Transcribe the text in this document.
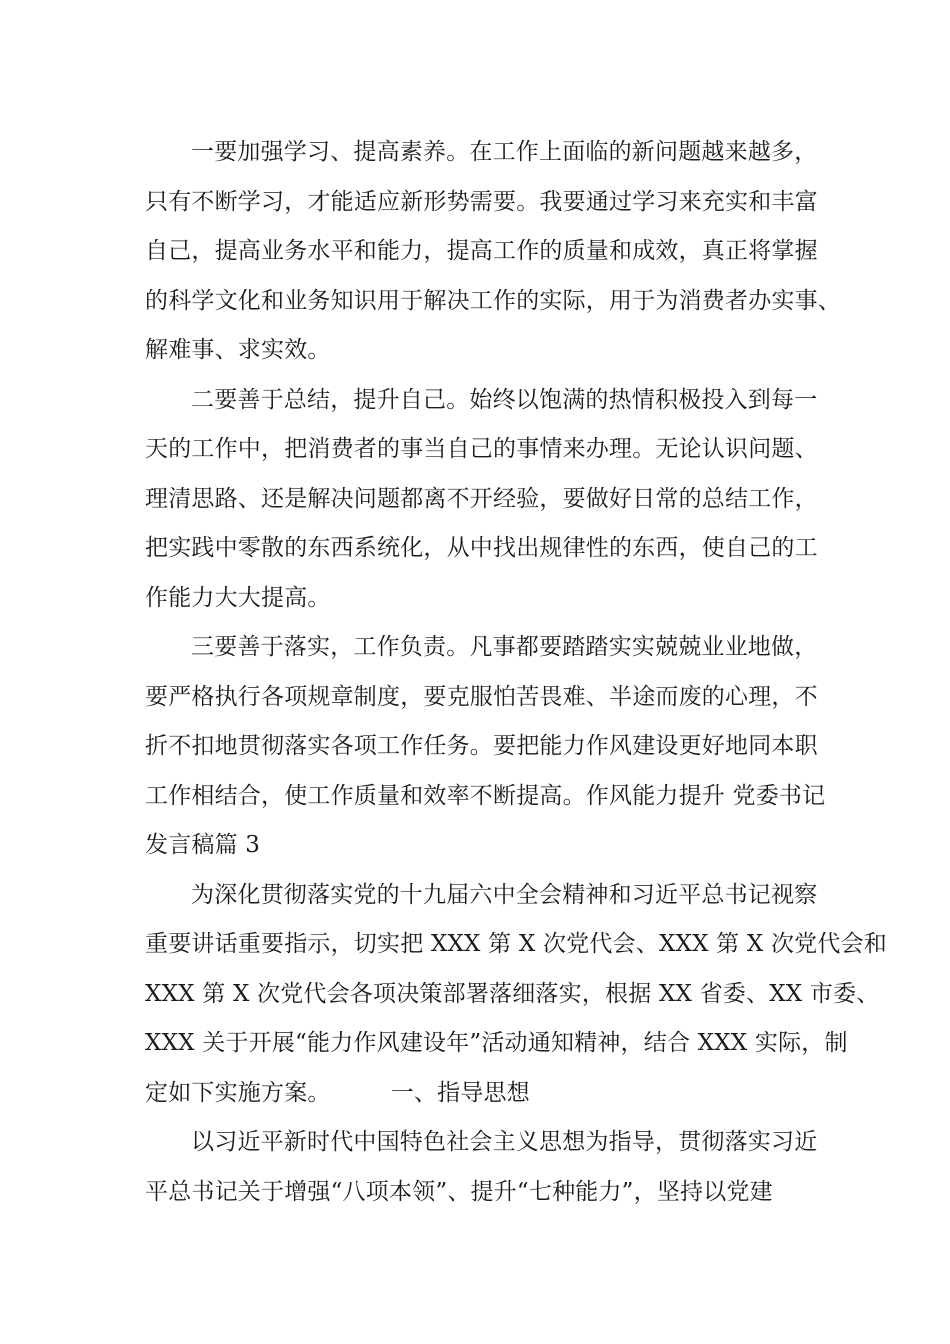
一要加强学习、提高素养。在工作上面临的新问题越来越多，
只有不断学习，才能适应新形势需要。我要通过学习来充实和丰富
自己，提高业务水平和能力，提高工作的质量和成效，真正将掌握
的科学文化和业务知识用于解决工作的实际，用于为消费者办实事、
解难事、求实效。
二要善于总结，提升自己。始终以饱满的热情积极投入到每一
天的工作中，把消费者的事当自己的事情来办理。无论认识问题、
理清思路、还是解决问题都离不开经验，要做好日常的总结工作，
把实践中零散的东西系统化，从中找出规律性的东西，使自己的工
作能力大大提高。
三要善于落实，工作负责。凡事都要踏踏实实兢兢业业地做，
要严格执行各项规章制度，要克服怕苦畏难、半途而废的心理，不
折不扣地贯彻落实各项工作任务。要把能力作风建设更好地同本职
工作相结合，使工作质量和效率不断提高。作风能力提升 党委书记
发言稿篇 3
为深化贯彻落实党的十九届六中全会精神和习近平总书记视察
重要讲话重要指示，切实把 XXX 第 X 次党代会、XXX 第 X 次党代会和
XXX 第 X 次党代会各项决策部署落细落实，根据 XX 省委、XX 市委、
XXX 关于开展“能力作风建设年”活动通知精神，结合 XXX 实际，制
定如下实施方案。        一、指导思想
以习近平新时代中国特色社会主义思想为指导，贯彻落实习近
平总书记关于增强“八项本领”、提升“七种能力”，坚持以党建
